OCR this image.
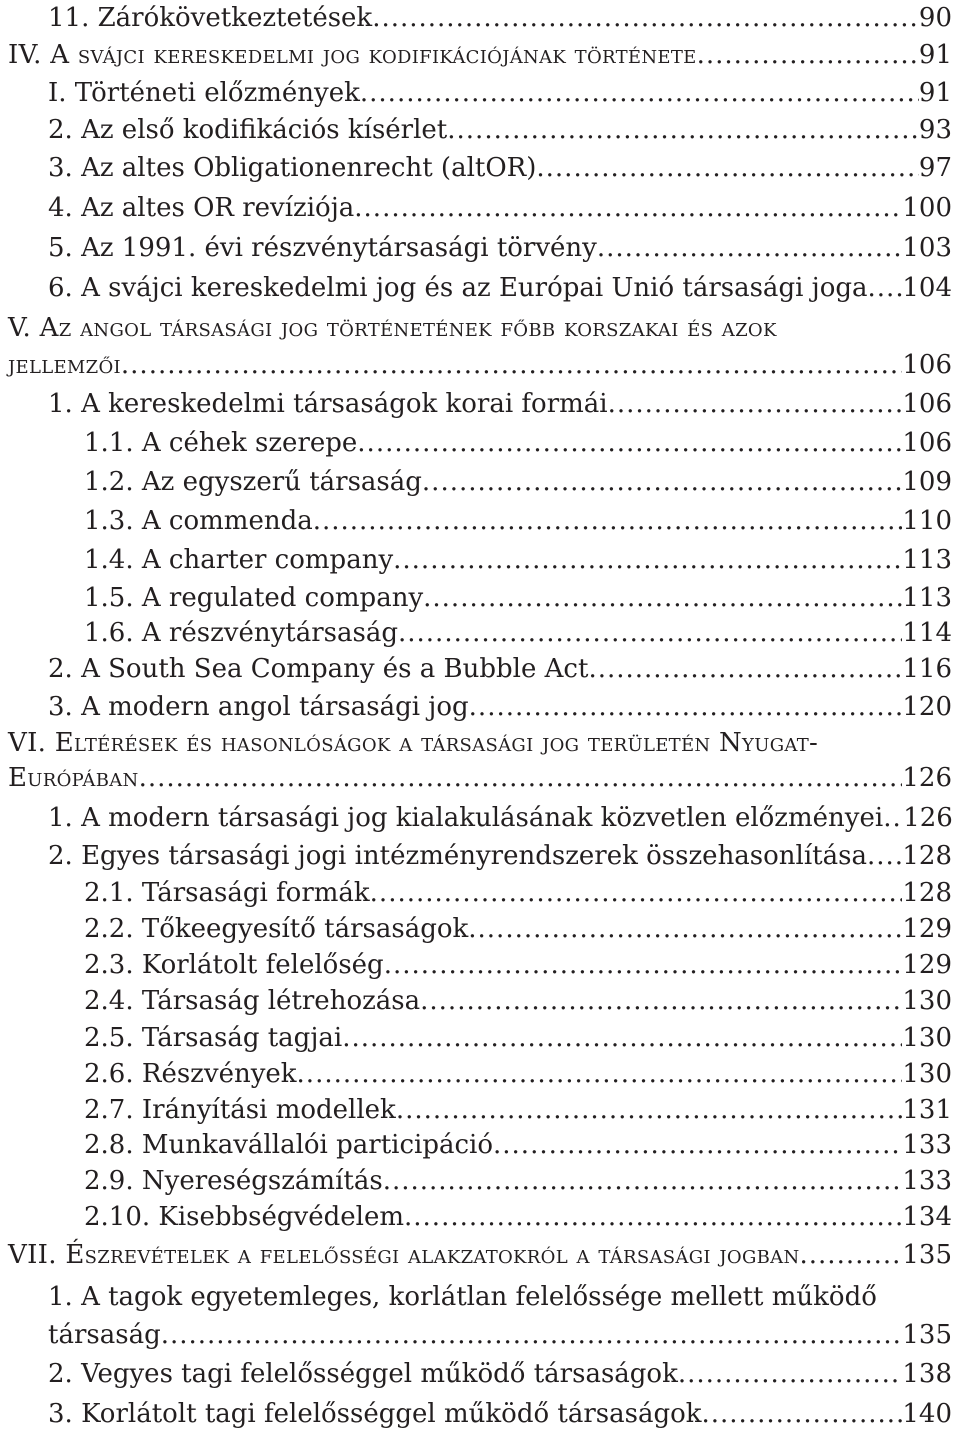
11. Zárókövetkeztetések .....	90
IV. A svájci kereskedelmi jog kodifikációjának története .....	91
I. Történeti előzmények .....	91
2. Az első kodifikációs kísérlet .....	93
3. Az altes Obligationenrecht (altOR) .....	97
4. Az altes OR revíziója .....	100
5. Az 1991. évi részvénytársasági törvény .....	103
6. A svájci kereskedelmi jog és az Európai Unió társasági joga ..... 104
V. Az angol társasági jog történetének főbb korszakai és azok
jellemzői .....	106
1. A kereskedelmi társaságok korai formái .....	106
1.1. A céhek szerepe .....	106
1.2. Az egyszerű társaság .....	109
1.3. A commenda .....	110
1.4. A charter company .....	113
1.5. A regulated company .....	113
1.6. A részvénytársaság .....	114
2. A South Sea Company és a Bubble Act .....	116
3. A modern angol társasági jog .....	120
VI. Eltérések és hasonlóságok a társasági jog területén Nyugat-
Európában .....	126
1. A modern társasági jog kialakulásának közvetlen előzményei ..... 126
2. Egyes társasági jogi intézményrendszerek összehasonlítása ..... 128
2.1. Társasági formák .....	128
2.2. Tőkeegyesítő társaságok .....	129
2.3. Korlátolt felelőség .....	129
2.4. Társaság létrehozása .....	130
2.5. Társaság tagjai .....	130
2.6. Részvények .....	130
2.7. Irányítási modellek .....	131
2.8. Munkavállalói participáció .....	133
2.9. Nyereségszámítás .....	133
2.10. Kisebbségvédelem .....	134
VII. Észrevételek a felelősségi alakzatokról a társasági jogban .....	135
1. A tagok egyetemleges, korlátlan felelőssége mellett működő
társaság .....	135
2. Vegyes tagi felelősséggel működő társaságok .....	138
3. Korlátolt tagi felelősséggel működő társaságok .....	140
